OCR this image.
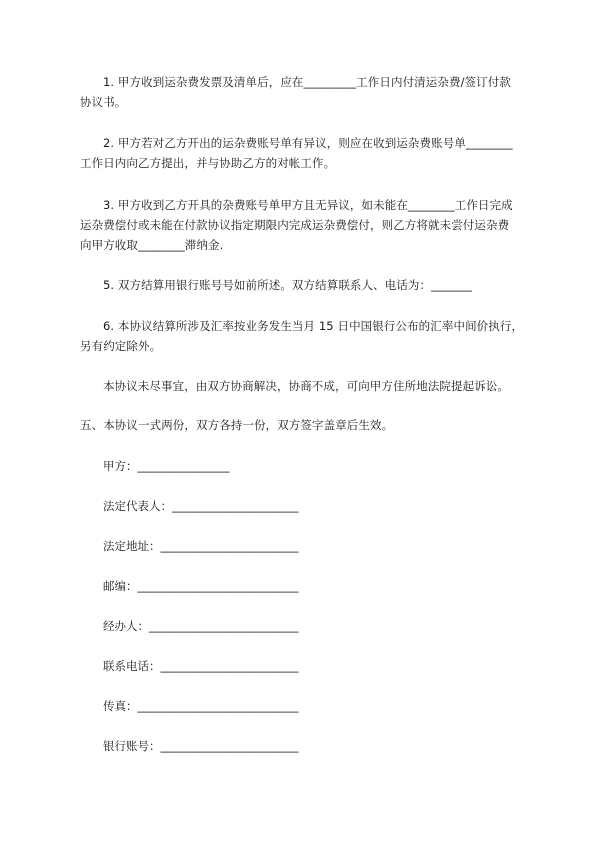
1. 甲方收到运杂费发票及清单后，应在_________工作日内付清运杂费/签订付款
协议书。
2. 甲方若对乙方开出的运杂费账号单有异议，则应在收到运杂费账号单________
工作日内向乙方提出，并与协助乙方的对帐工作。
3. 甲方收到乙方开具的杂费账号单甲方且无异议，如未能在________工作日完成
运杂费偿付或未能在付款协议指定期限内完成运杂费偿付，则乙方将就未尝付运杂费
向甲方收取________滞纳金.
5. 双方结算用银行账号号如前所述。双方结算联系人、电话为：_______
6. 本协议结算所涉及汇率按业务发生当月 15 日中国银行公布的汇率中间价执行，
另有约定除外。
本协议未尽事宜，由双方协商解决，协商不成，可向甲方住所地法院提起诉讼。
五、本协议一式两份，双方各持一份，双方签字盖章后生效。
甲方：________________
法定代表人：______________________
法定地址：________________________
邮编：____________________________
经办人：__________________________
联系电话：________________________
传真：____________________________
银行账号：________________________
